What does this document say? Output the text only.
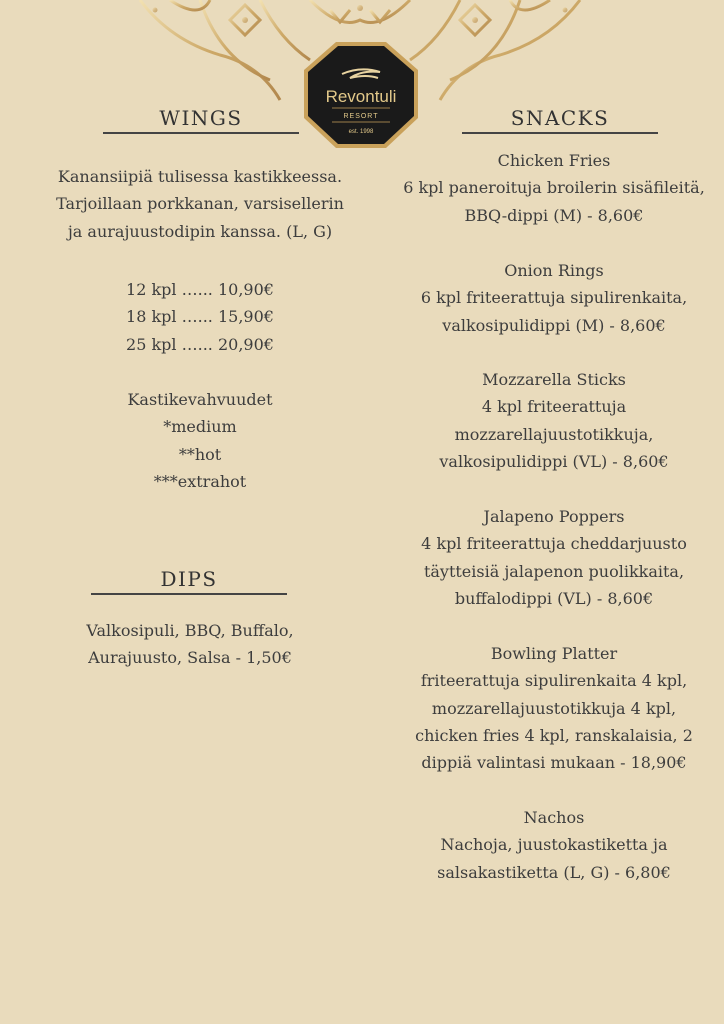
Revontuli
RESORT
est. 1998
WINGS
Kanansiipiä tulisessa kastikkeessa.
Tarjoillaan porkkanan, varsisellerin
ja aurajuustodipin kanssa. (L, G)
12 kpl …... 10,90€
18 kpl …... 15,90€
25 kpl …... 20,90€
Kastikevahvuudet
*medium
**hot
***extrahot
DIPS
Valkosipuli, BBQ, Buffalo,
Aurajuusto, Salsa - 1,50€
SNACKS
Chicken Fries
6 kpl paneroituja broilerin sisäfileitä,
BBQ-dippi (M) - 8,60€
Onion Rings
6 kpl friteerattuja sipulirenkaita,
valkosipulidippi (M) - 8,60€
Mozzarella Sticks
4 kpl friteerattuja
mozzarellajuustotikkuja,
valkosipulidippi (VL) - 8,60€
Jalapeno Poppers
4 kpl friteerattuja cheddarjuusto
täytteisiä jalapenon puolikkaita,
buffalodippi (VL) - 8,60€
Bowling Platter
friteerattuja sipulirenkaita 4 kpl,
mozzarellajuustotikkuja 4 kpl,
chicken fries 4 kpl, ranskalaisia, 2
dippiä valintasi mukaan - 18,90€
Nachos
Nachoja, juustokastiketta ja
salsakastiketta (L, G) - 6,80€
